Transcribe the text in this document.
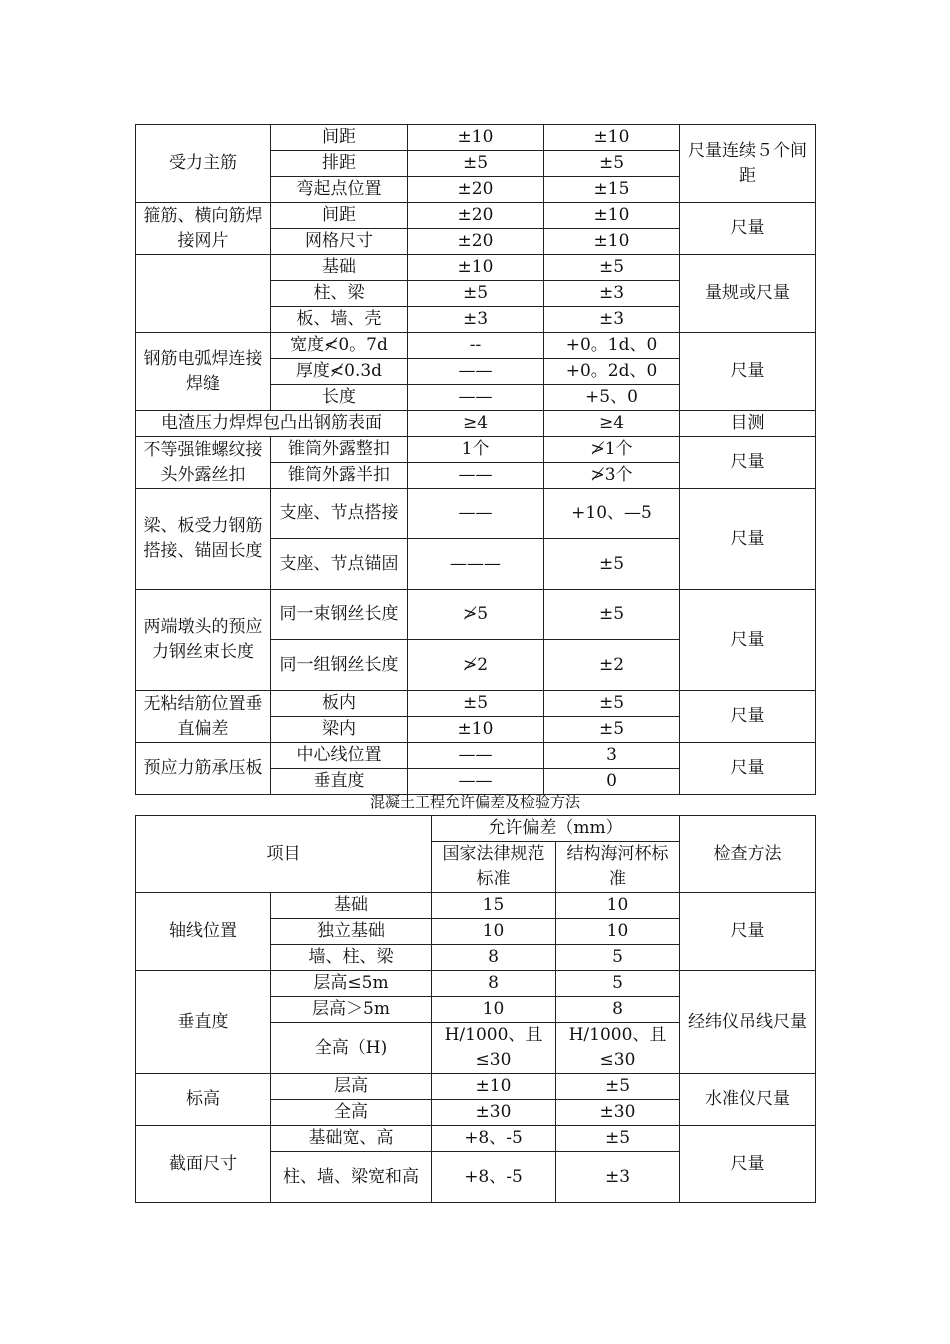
受力主筋	间距	±10	±10	尺量连续５个间距
	排距	±5	±5	
	弯起点位置	±20	±15	
箍筋、横向筋焊接网片	间距	±20	±10	尺量
	网格尺寸	±20	±10	
	基础	±10	±5	量规或尺量
	柱、梁	±5	±3	
	板、墙、壳	±3	±3	
钢筋电弧焊连接焊缝	宽度≮0。7d	--	+0。1d、0	尺量
	厚度≮0.3d	——	+0。2d、0	
	长度	——	+5、0	
电渣压力焊焊包凸出钢筋表面		≥4	≥4	目测
不等强锥螺纹接头外露丝扣	锥筒外露整扣	1个	≯1个	尺量
	锥筒外露半扣	——	≯3个	
梁、板受力钢筋搭接、锚固长度	支座、节点搭接	——	+10、—5	尺量
	支座、节点锚固	———	±5	
两端墩头的预应力钢丝束长度	同一束钢丝长度	≯5	±5	尺量
	同一组钢丝长度	≯2	±2	
无粘结筋位置垂直偏差	板内	±5	±5	尺量
	梁内	±10	±5	
预应力筋承压板	中心线位置	——	3	尺量
	垂直度	——	0	
混凝土工程允许偏差及检验方法
项目		允许偏差（mm）		检查方法
		国家法律规范标准	结构海河杯标准	
轴线位置	基础	15	10	尺量
	独立基础	10	10	
	墙、柱、梁	8	5	
垂直度	层高≤5m	8	5	经纬仪吊线尺量
	层高＞5m	10	8	
	全高（H)	H/1000、且≤30	H/1000、且≤30	
标高	层高	±10	±5	水准仪尺量
	全高	±30	±30	
截面尺寸	基础宽、高	+8、-5	±5	尺量
	柱、墙、梁宽和高	+8、-5	±3	
